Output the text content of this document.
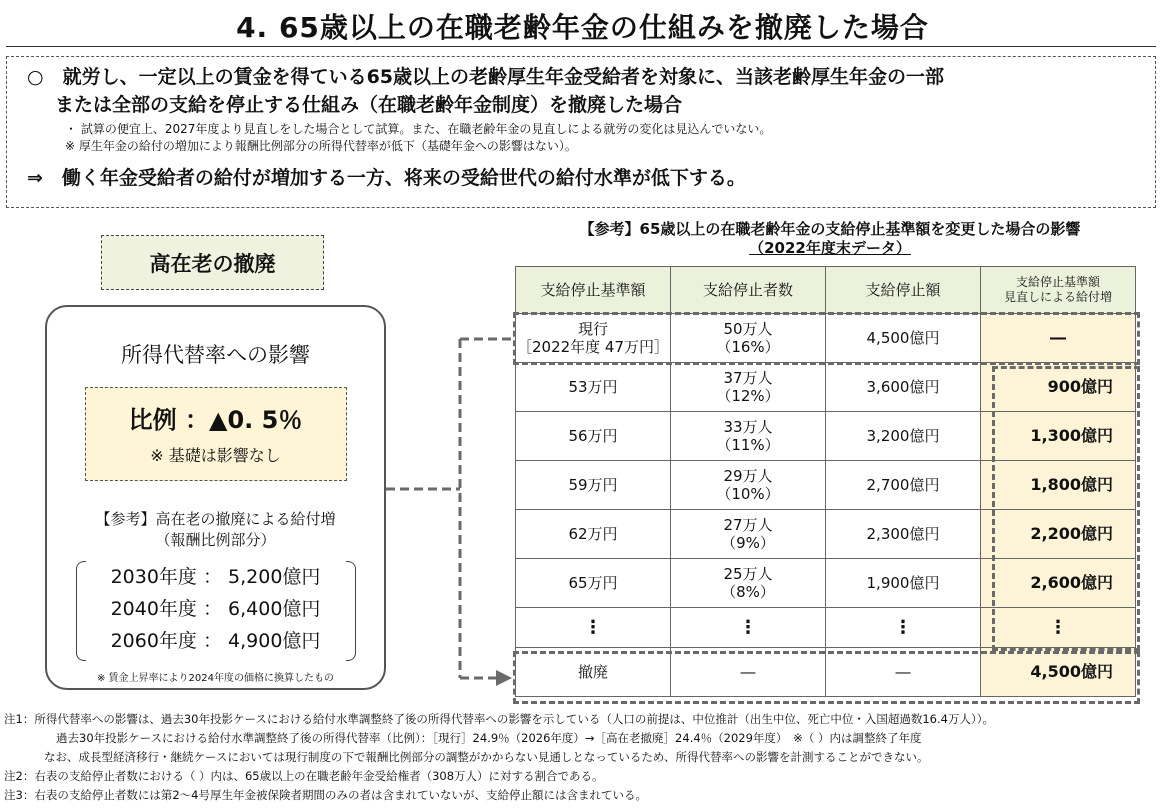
4. 65歳以上の在職老齢年金の仕組みを撤廃した場合
○　就労し、一定以上の賃金を得ている65歳以上の老齢厚生年金受給者を対象に、当該老齢厚生年金の一部
または全部の支給を停止する仕組み（在職老齢年金制度）を撤廃した場合
・ 試算の便宜上、2027年度より見直しをした場合として試算。また、在職老齢年金の見直しによる就労の変化は見込んでいない。
※ 厚生年金の給付の増加により報酬比例部分の所得代替率が低下（基礎年金への影響はない）。
⇒　働く年金受給者の給付が増加する一方、将来の受給世代の給付水準が低下する。
高在老の撤廃
所得代替率への影響
比例 ：▲0. 5％
※ 基礎は影響なし
【参考】高在老の撤廃による給付増
（報酬比例部分）
2030年度 ： 5,200億円
2040年度 ： 6,400億円
2060年度 ： 4,900億円
※ 賃金上昇率により2024年度の価格に換算したもの
【参考】65歳以上の在職老齢年金の支給停止基準額を変更した場合の影響
（2022年度末データ）
支給停止基準額	支給停止者数	支給停止額	支給停止基準額
見直しによる給付増
現行
［2022年度 47万円］	50万人
（16%）	4,500億円	―
53万円	37万人
（12%）	3,600億円	900億円
56万円	33万人
（11%）	3,200億円	1,300億円
59万円	29万人
（10%）	2,700億円	1,800億円
62万円	27万人
（9%）	2,300億円	2,200億円
65万円	25万人
（8%）	1,900億円	2,600億円
⋮	⋮	⋮	⋮
撤廃	―	―	4,500億円
注1：所得代替率への影響は、過去30年投影ケースにおける給付水準調整終了後の所得代替率への影響を示している（人口の前提は、中位推計（出生中位、死亡中位・入国超過数16.4万人））。
過去30年投影ケースにおける給付水準調整終了後の所得代替率（比例）：［現行］24.9％（2026年度）→［高在老撤廃］24.4％（2029年度）　※（ ）内は調整終了年度
なお、成長型経済移行・継続ケースにおいては現行制度の下で報酬比例部分の調整がかからない見通しとなっているため、所得代替率への影響を計測することができない。
注2：右表の支給停止者数における（ ）内は、65歳以上の在職老齢年金受給権者（308万人）に対する割合である。
注3：右表の支給停止者数には第2～4号厚生年金被保険者期間のみの者は含まれていないが、支給停止額には含まれている。
